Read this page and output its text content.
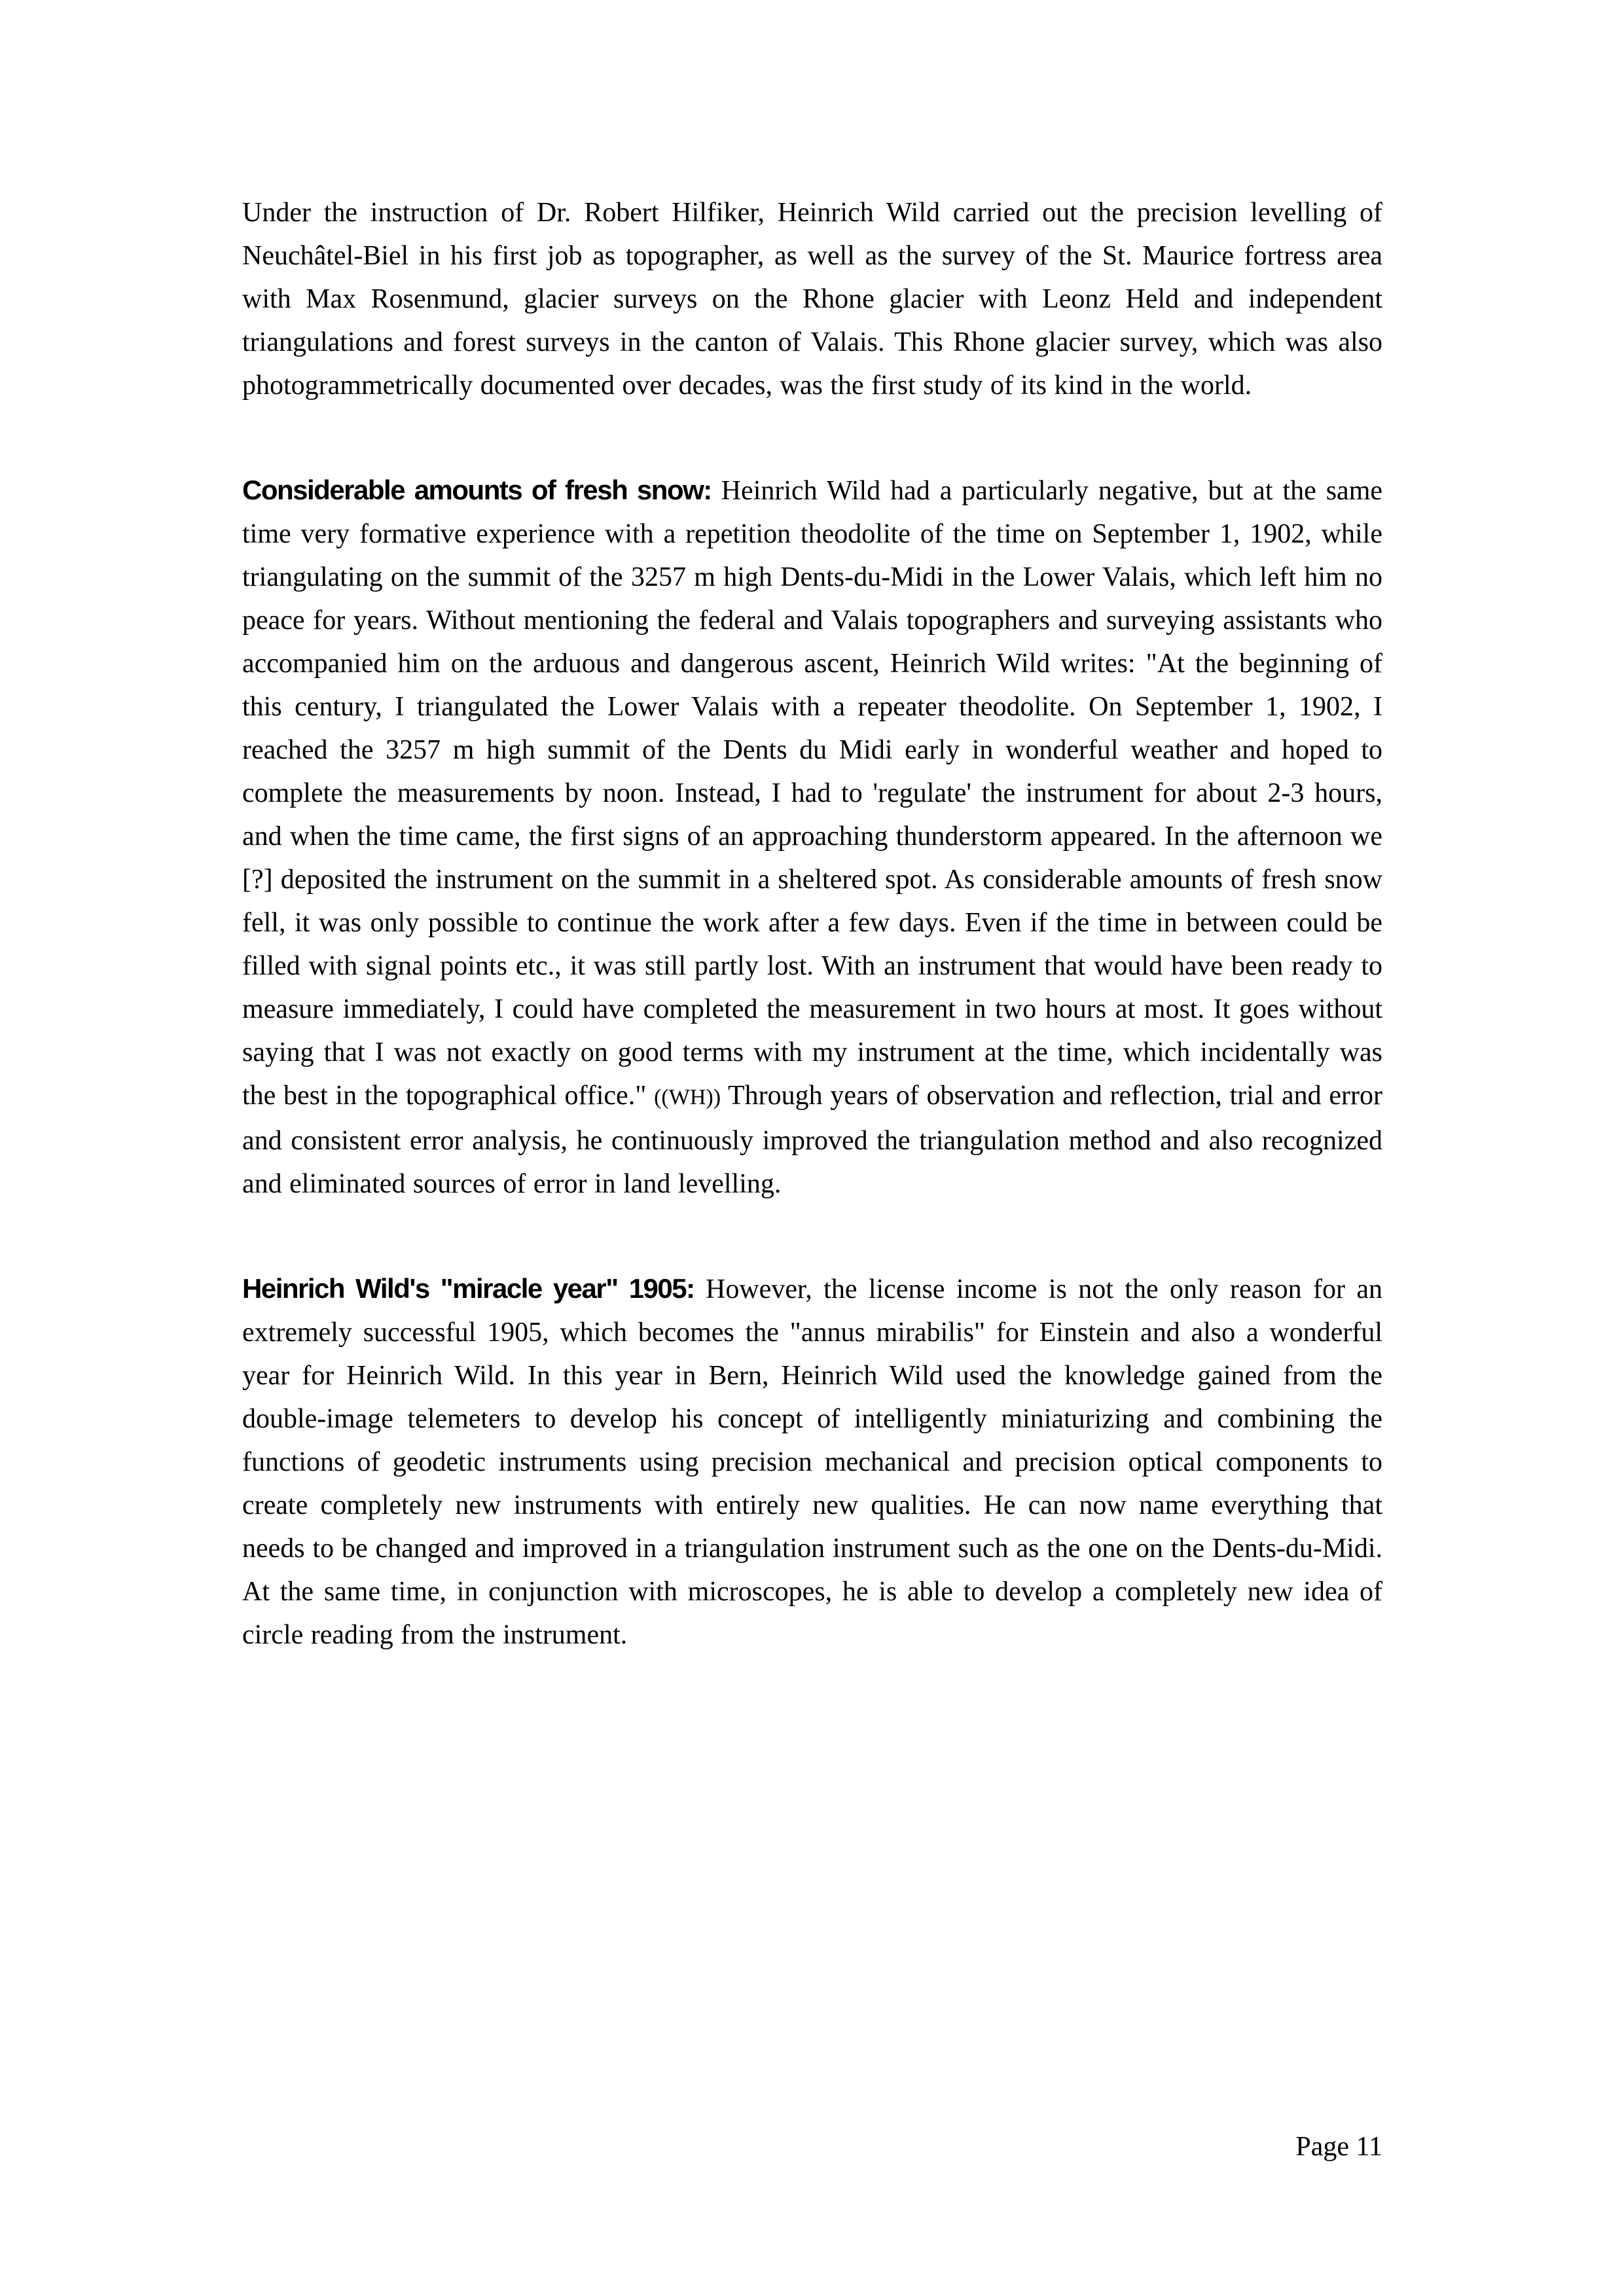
Under the instruction of Dr. Robert Hilfiker, Heinrich Wild carried out the precision levelling of Neuchâtel-Biel in his first job as topographer, as well as the survey of the St. Maurice fortress area with Max Rosenmund, glacier surveys on the Rhone glacier with Leonz Held and independent triangulations and forest surveys in the canton of Valais. This Rhone glacier survey, which was also photogrammetrically documented over decades, was the first study of its kind in the world.

Considerable amounts of fresh snow: Heinrich Wild had a particularly negative, but at the same time very formative experience with a repetition theodolite of the time on September 1, 1902, while triangulating on the summit of the 3257 m high Dents-du-Midi in the Lower Valais, which left him no peace for years. Without mentioning the federal and Valais topographers and surveying assistants who accompanied him on the arduous and dangerous ascent, Heinrich Wild writes: "At the beginning of this century, I triangulated the Lower Valais with a repeater theodolite. On September 1, 1902, I reached the 3257 m high summit of the Dents du Midi early in wonderful weather and hoped to complete the measurements by noon. Instead, I had to 'regulate' the instrument for about 2-3 hours, and when the time came, the first signs of an approaching thunderstorm appeared. In the afternoon we [?] deposited the instrument on the summit in a sheltered spot. As considerable amounts of fresh snow fell, it was only possible to continue the work after a few days. Even if the time in between could be filled with signal points etc., it was still partly lost. With an instrument that would have been ready to measure immediately, I could have completed the measurement in two hours at most. It goes without saying that I was not exactly on good terms with my instrument at the time, which incidentally was the best in the topographical office." ((WH)) Through years of observation and reflection, trial and error and consistent error analysis, he continuously improved the triangulation method and also recognized and eliminated sources of error in land levelling.

Heinrich Wild's "miracle year" 1905: However, the license income is not the only reason for an extremely successful 1905, which becomes the "annus mirabilis" for Einstein and also a wonderful year for Heinrich Wild. In this year in Bern, Heinrich Wild used the knowledge gained from the double-image telemeters to develop his concept of intelligently miniaturizing and combining the functions of geodetic instruments using precision mechanical and precision optical components to create completely new instruments with entirely new qualities. He can now name everything that needs to be changed and improved in a triangulation instrument such as the one on the Dents-du-Midi. At the same time, in conjunction with microscopes, he is able to develop a completely new idea of circle reading from the instrument.

Page 11
